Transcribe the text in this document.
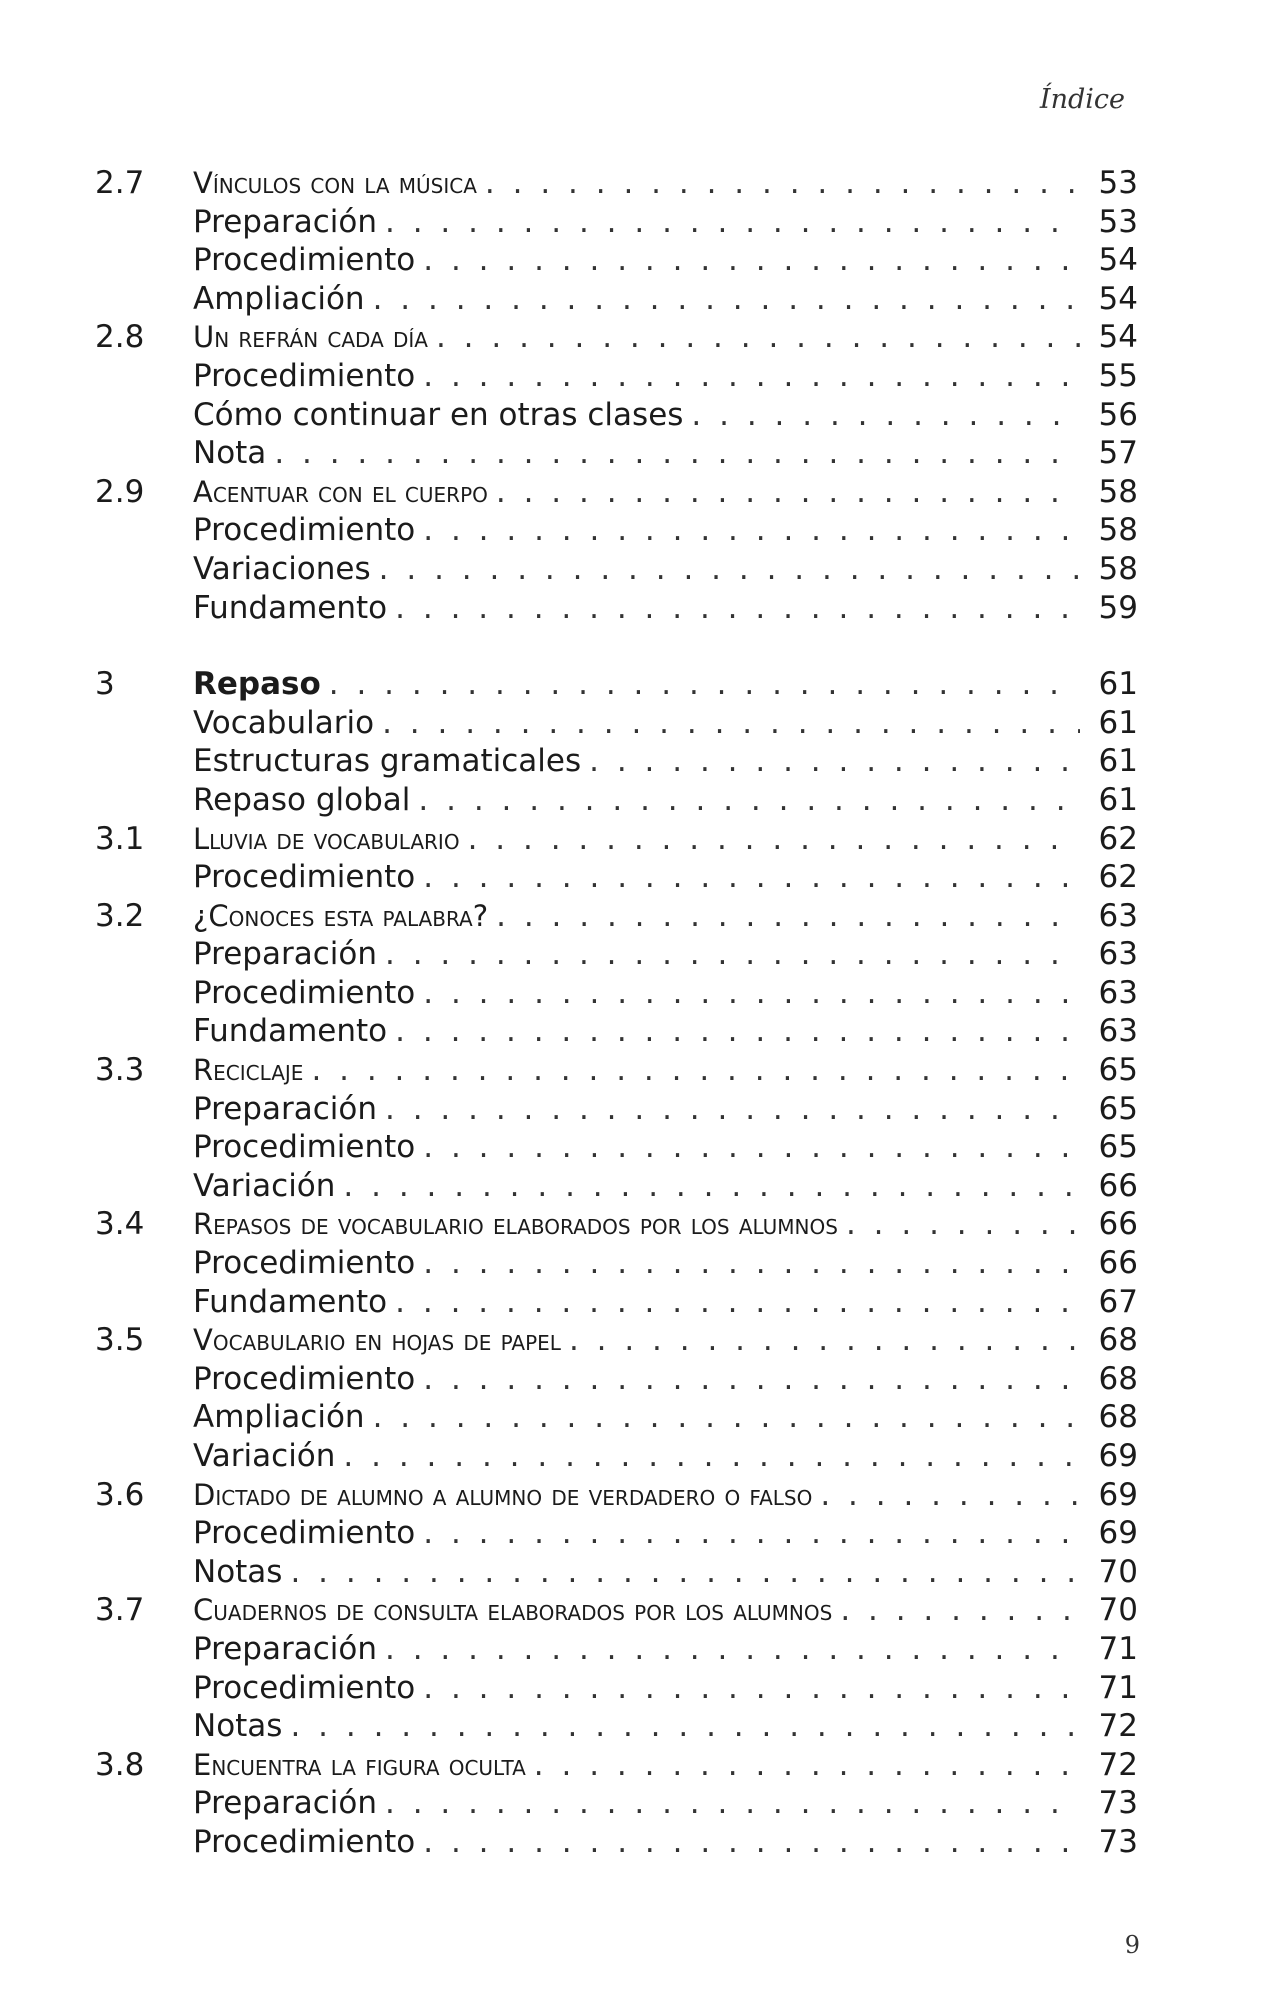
Índice
2.7	Vínculos con la música . . .	53
Preparación . . .	53
Procedimiento . . .	54
Ampliación . . .	54
2.8	Un refrán cada día . . .	54
Procedimiento . . .	55
Cómo continuar en otras clases . . .	56
Nota . . .	57
2.9	Acentuar con el cuerpo . . .	58
Procedimiento . . .	58
Variaciones . . .	58
Fundamento . . .	59
3	Repaso . . .	61
Vocabulario . . .	61
Estructuras gramaticales . . .	61
Repaso global . . .	61
3.1	Lluvia de vocabulario . . .	62
Procedimiento . . .	62
3.2	¿Conoces esta palabra? . . .	63
Preparación . . .	63
Procedimiento . . .	63
Fundamento . . .	63
3.3	Reciclaje . . .	65
Preparación . . .	65
Procedimiento . . .	65
Variación . . .	66
3.4	Repasos de vocabulario elaborados por los alumnos . . .	66
Procedimiento . . .	66
Fundamento . . .	67
3.5	Vocabulario en hojas de papel . . .	68
Procedimiento . . .	68
Ampliación . . .	68
Variación . . .	69
3.6	Dictado de alumno a alumno de verdadero o falso . . .	69
Procedimiento . . .	69
Notas . . .	70
3.7	Cuadernos de consulta elaborados por los alumnos . . .	70
Preparación . . .	71
Procedimiento . . .	71
Notas . . .	72
3.8	Encuentra la figura oculta . . .	72
Preparación . . .	73
Procedimiento . . .	73
9
